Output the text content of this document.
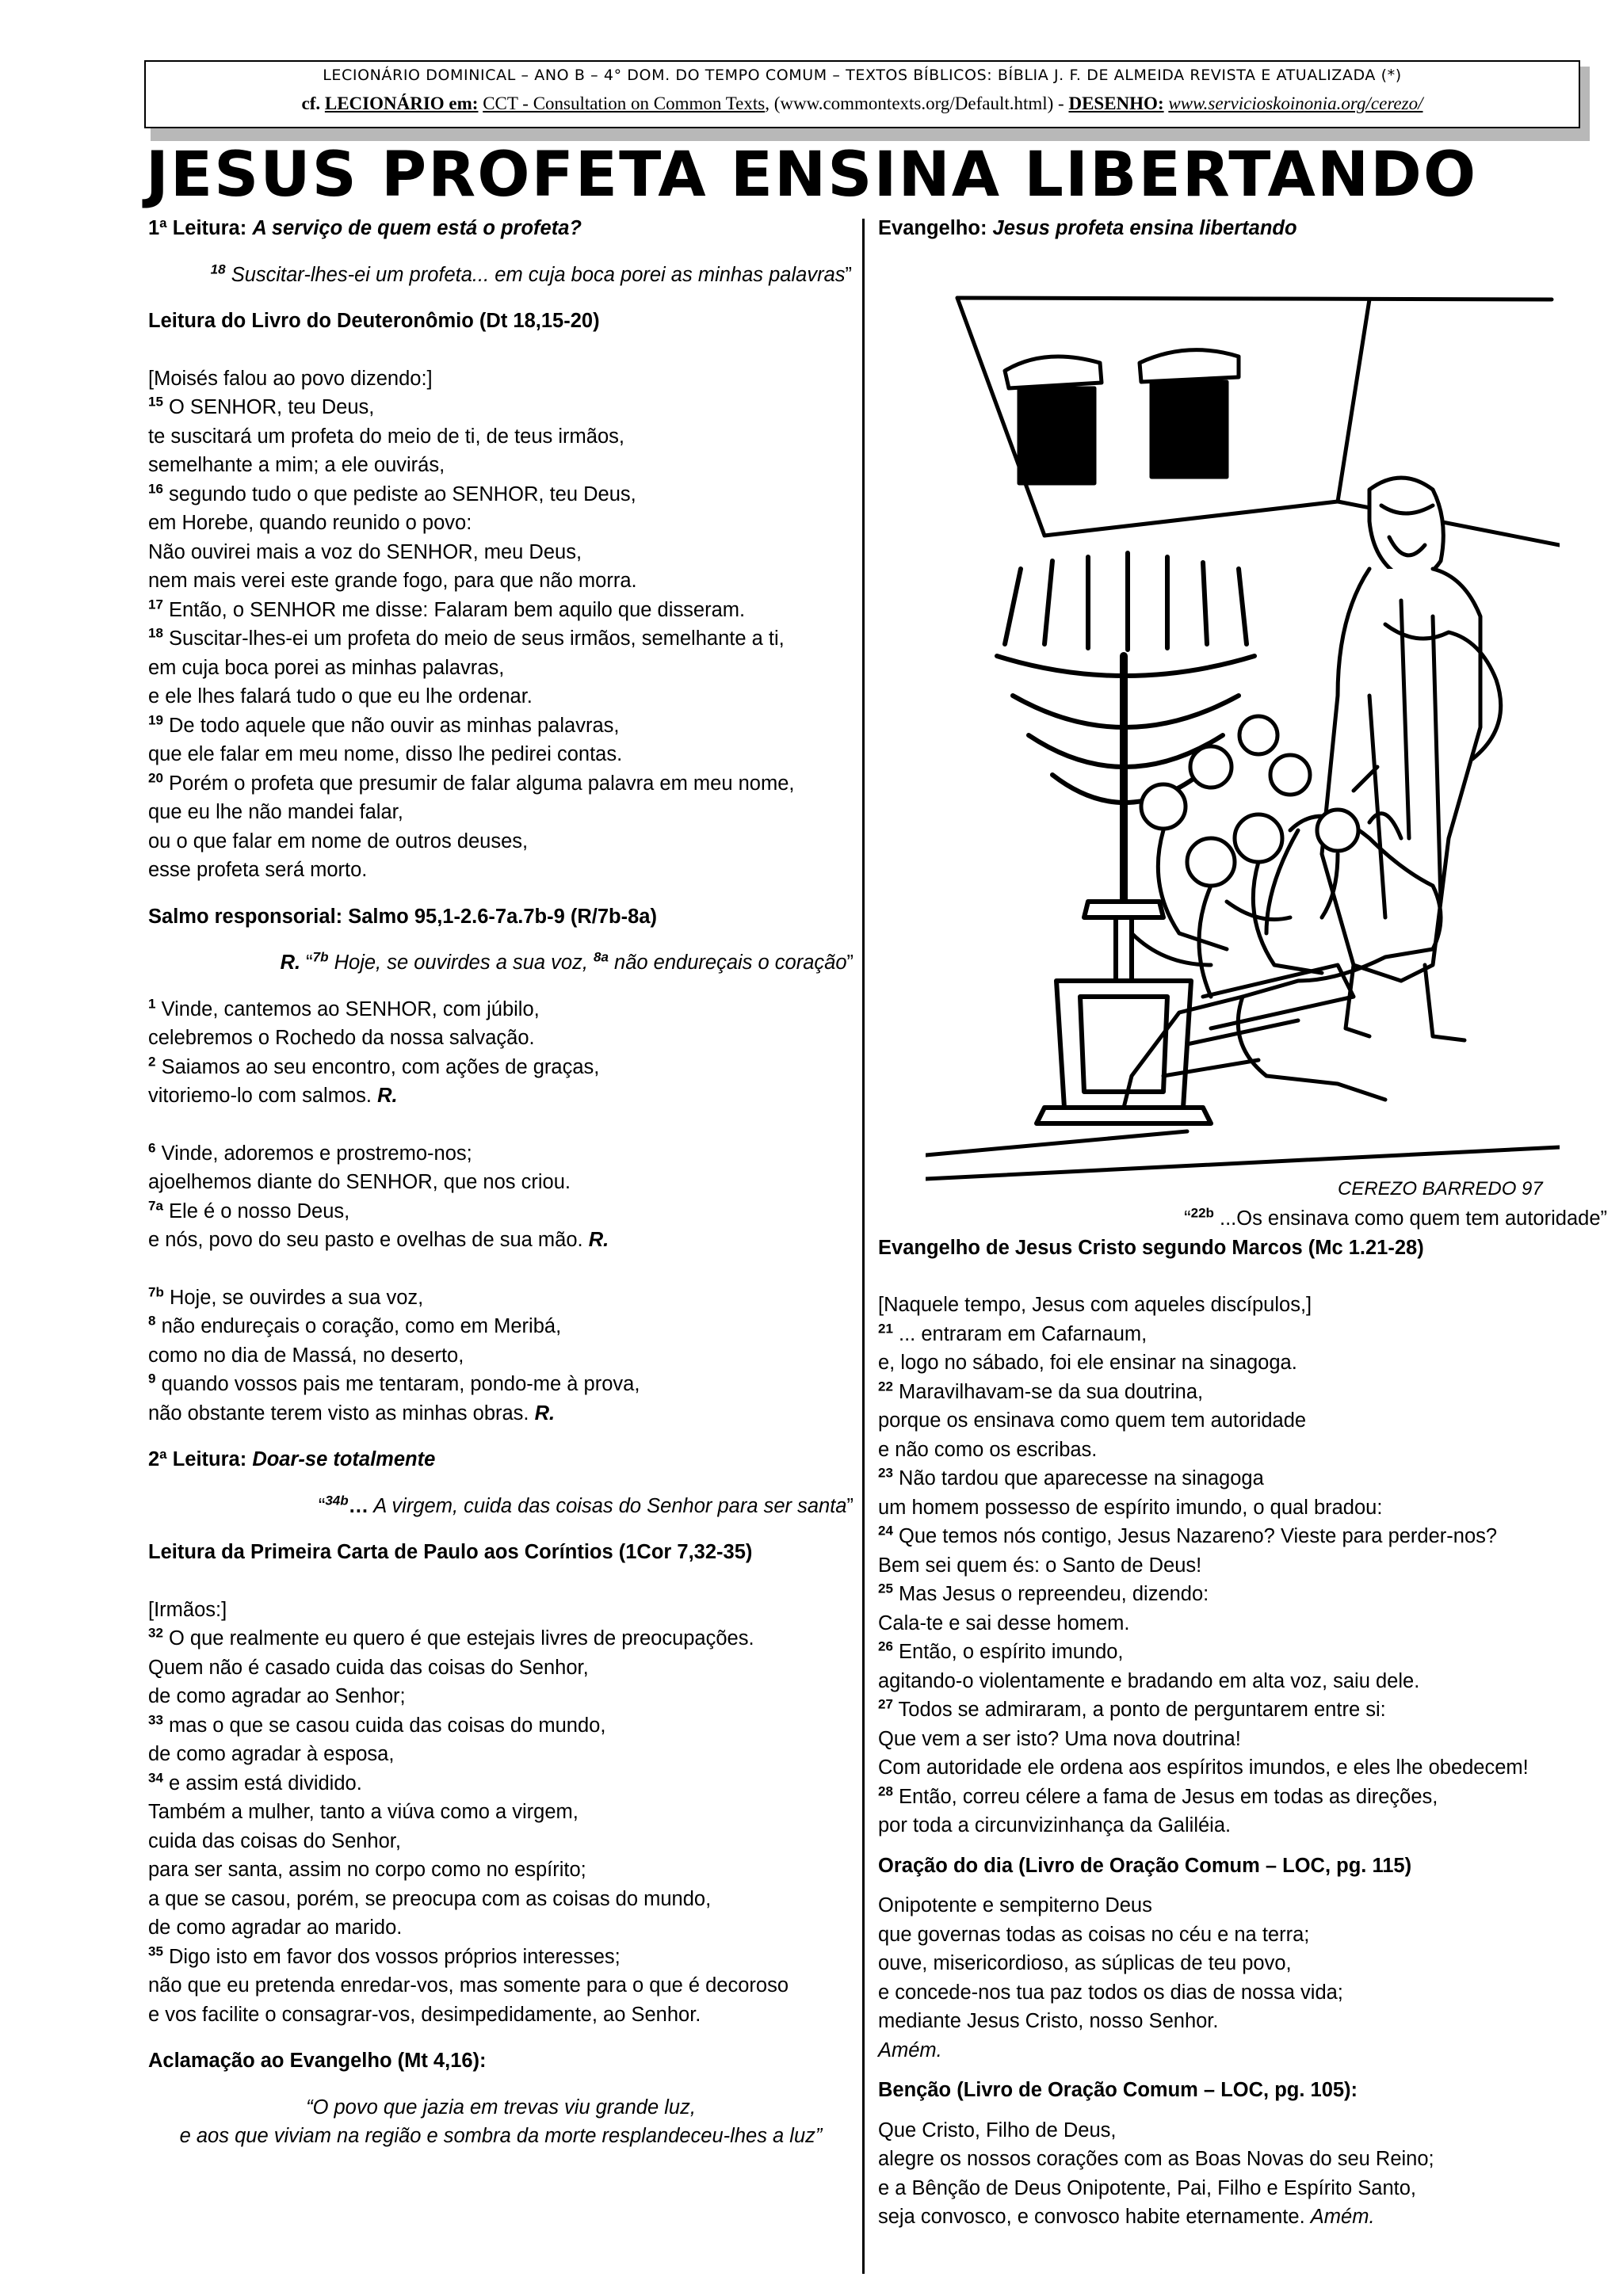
LECIONÁRIO DOMINICAL – ANO B – 4° DOM. DO TEMPO COMUM – TEXTOS BÍBLICOS: BÍBLIA J. F. DE ALMEIDA REVISTA E ATUALIZADA (*)
cf. LECIONÁRIO em: CCT - Consultation on Common Texts, (www.commontexts.org/Default.html) - DESENHO: www.servicioskoinonia.org/cerezo/
JESUS PROFETA ENSINA LIBERTANDO

1ª Leitura: A serviço de quem está o profeta?

$^{18}$ Suscitar-lhes-ei um profeta... em cuja boca porei as minhas palavras”

Leitura do Livro do Deuteronômio (Dt 18,15-20)

[Moisés falou ao povo dizendo:]

$^{15}$ O SENHOR, teu Deus,

te suscitará um profeta do meio de ti, de teus irmãos,

semelhante a mim; a ele ouvirás,

$^{16}$ segundo tudo o que pediste ao SENHOR, teu Deus,

em Horebe, quando reunido o povo:

Não ouvirei mais a voz do SENHOR, meu Deus,

nem mais verei este grande fogo, para que não morra.

$^{17}$ Então, o SENHOR me disse: Falaram bem aquilo que disseram.

$^{18}$ Suscitar-lhes-ei um profeta do meio de seus irmãos, semelhante a ti,

em cuja boca porei as minhas palavras,

e ele lhes falará tudo o que eu lhe ordenar.

$^{19}$ De todo aquele que não ouvir as minhas palavras,

que ele falar em meu nome, disso lhe pedirei contas.

$^{20}$ Porém o profeta que presumir de falar alguma palavra em meu nome,

que eu lhe não mandei falar,

ou o que falar em nome de outros deuses,

esse profeta será morto.

Salmo responsorial: Salmo 95,1-2.6-7a.7b-9 (R/7b-8a)

R. “$^{7b}$ Hoje, se ouvirdes a sua voz, $^{8a}$ não endureçais o coração”

$^1$ Vinde, cantemos ao SENHOR, com júbilo,

celebremos o Rochedo da nossa salvação.

$^2$ Saiamos ao seu encontro, com ações de graças,

vitoriemo-lo com salmos. R.

$^6$ Vinde, adoremos e prostremo-nos;

ajoelhemos diante do SENHOR, que nos criou.

$^{7a}$ Ele é o nosso Deus,

e nós, povo do seu pasto e ovelhas de sua mão. R.

$^{7b}$ Hoje, se ouvirdes a sua voz,

$^8$ não endureçais o coração, como em Meribá,

como no dia de Massá, no deserto,

$^9$ quando vossos pais me tentaram, pondo-me à prova,

não obstante terem visto as minhas obras. R.

2ª Leitura: Doar-se totalmente

“$^{34b}$… A virgem, cuida das coisas do Senhor para ser santa”

Leitura da Primeira Carta de Paulo aos Coríntios (1Cor 7,32-35)

[Irmãos:]

$^{32}$ O que realmente eu quero é que estejais livres de preocupações.

Quem não é casado cuida das coisas do Senhor,

de como agradar ao Senhor;

$^{33}$ mas o que se casou cuida das coisas do mundo,

de como agradar à esposa,

$^{34}$ e assim está dividido.

Também a mulher, tanto a viúva como a virgem,

cuida das coisas do Senhor,

para ser santa, assim no corpo como no espírito;

a que se casou, porém, se preocupa com as coisas do mundo,

de como agradar ao marido.

$^{35}$ Digo isto em favor dos vossos próprios interesses;

não que eu pretenda enredar-vos, mas somente para o que é decoroso

e vos facilite o consagrar-vos, desimpedidamente, ao Senhor.

Aclamação ao Evangelho (Mt 4,16):

“O povo que jazia em trevas viu grande luz,

e aos que viviam na região e sombra da morte resplandeceu-lhes a luz”

Evangelho: Jesus profeta ensina libertando

CEREZO BARREDO 97

“$^{22b}$ ...Os ensinava como quem tem autoridade”

Evangelho de Jesus Cristo segundo Marcos (Mc 1.21-28)

[Naquele tempo, Jesus com aqueles discípulos,]

$^{21}$ ... entraram em Cafarnaum,

e, logo no sábado, foi ele ensinar na sinagoga.

$^{22}$ Maravilhavam-se da sua doutrina,

porque os ensinava como quem tem autoridade

e não como os escribas.

$^{23}$ Não tardou que aparecesse na sinagoga

um homem possesso de espírito imundo, o qual bradou:

$^{24}$ Que temos nós contigo, Jesus Nazareno? Vieste para perder-nos?

Bem sei quem és: o Santo de Deus!

$^{25}$ Mas Jesus o repreendeu, dizendo:

Cala-te e sai desse homem.

$^{26}$ Então, o espírito imundo,

agitando-o violentamente e bradando em alta voz, saiu dele.

$^{27}$ Todos se admiraram, a ponto de perguntarem entre si:

Que vem a ser isto? Uma nova doutrina!

Com autoridade ele ordena aos espíritos imundos, e eles lhe obedecem!

$^{28}$ Então, correu célere a fama de Jesus em todas as direções,

por toda a circunvizinhança da Galiléia.

Oração do dia (Livro de Oração Comum – LOC, pg. 115)

Onipotente e sempiterno Deus

que governas todas as coisas no céu e na terra;

ouve, misericordioso, as súplicas de teu povo,

e concede-nos tua paz todos os dias de nossa vida;

mediante Jesus Cristo, nosso Senhor.

Amém.

Benção (Livro de Oração Comum – LOC, pg. 105):

Que Cristo, Filho de Deus,

alegre os nossos corações com as Boas Novas do seu Reino;

e a Bênção de Deus Onipotente, Pai, Filho e Espírito Santo,

seja convosco, e convosco habite eternamente. Amém.
